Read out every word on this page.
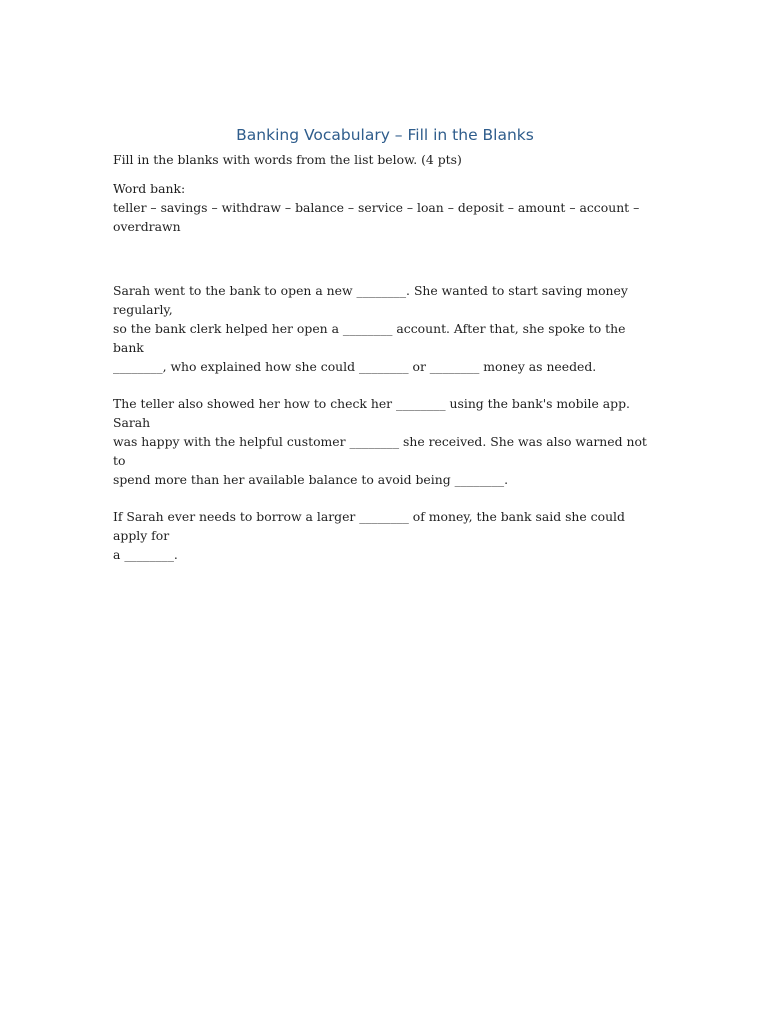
Banking Vocabulary – Fill in the Blanks
Fill in the blanks with words from the list below. (4 pts)
Word bank:
teller – savings – withdraw – balance – service – loan – deposit – amount – account –
overdrawn
Sarah went to the bank to open a new ________. She wanted to start saving money regularly,
so the bank clerk helped her open a ________ account. After that, she spoke to the bank
________, who explained how she could ________ or ________ money as needed.
The teller also showed her how to check her ________ using the bank's mobile app. Sarah
was happy with the helpful customer ________ she received. She was also warned not to
spend more than her available balance to avoid being ________.
If Sarah ever needs to borrow a larger ________ of money, the bank said she could apply for
a ________.
